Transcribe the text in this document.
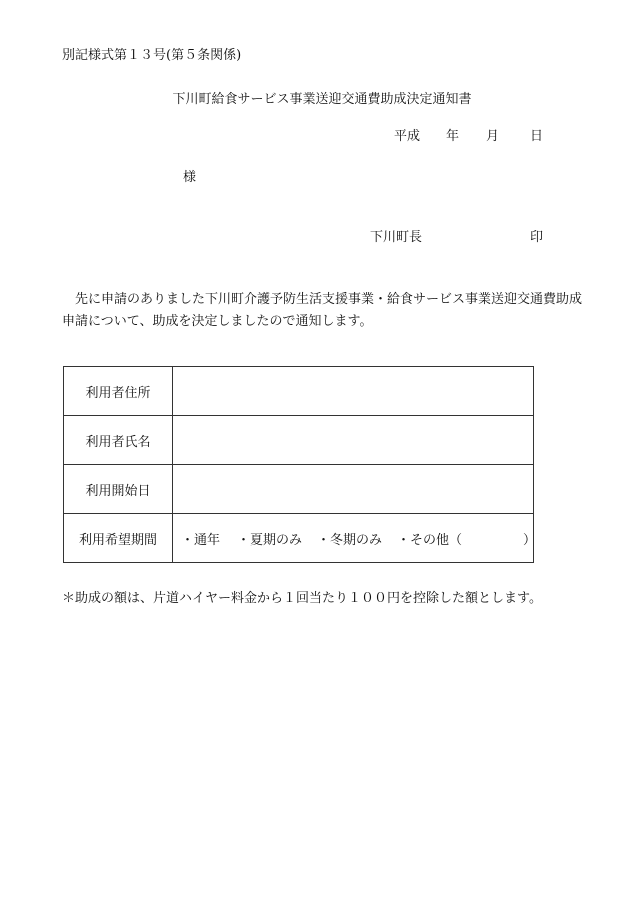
別記様式第１３号(第５条関係)
下川町給食サービス事業送迎交通費助成決定通知書
平成 年 月 日
様
下川町長	印
　先に申請のありました下川町介護予防生活支援事業・給食サービス事業送迎交通費助成申請について、助成を決定しましたので通知します。
利用者住所	
利用者氏名	
利用開始日	
利用希望期間	・通年 ・夏期のみ ・冬期のみ ・その他（ ）
＊助成の額は、片道ハイヤー料金から１回当たり１００円を控除した額とします。
